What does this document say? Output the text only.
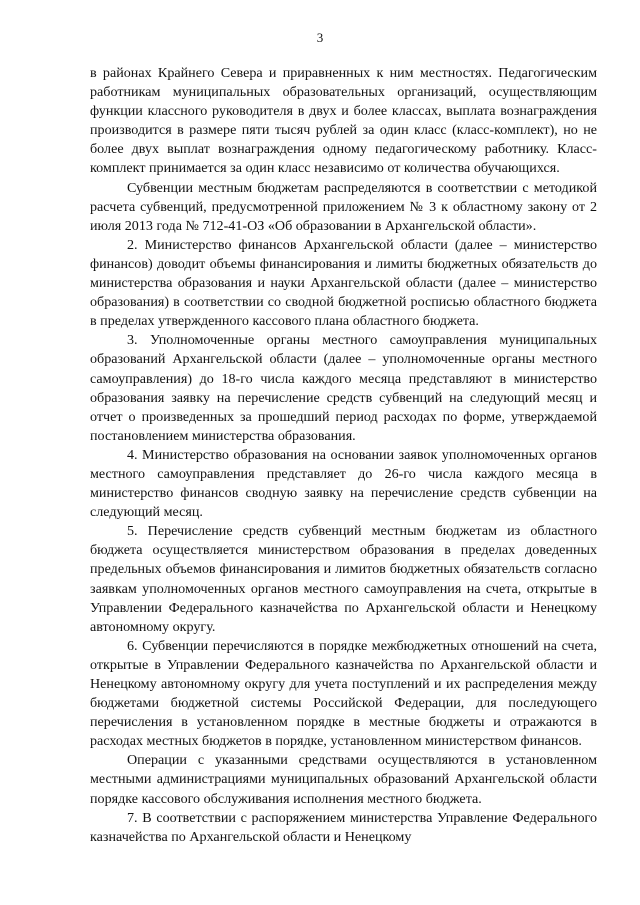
3

в районах Крайнего Севера и приравненных к ним местностях. Педагогическим работникам муниципальных образовательных организаций, осуществляющим функции классного руководителя в двух и более классах, выплата вознаграждения производится в размере пяти тысяч рублей за один класс (класс-комплект), но не более двух выплат вознаграждения одному педагогическому работнику. Класс-комплект принимается за один класс независимо от количества обучающихся.

Субвенции местным бюджетам распределяются в соответствии с методикой расчета субвенций, предусмотренной приложением № 3 к областному закону от 2 июля 2013 года № 712-41-ОЗ «Об образовании в Архангельской области».

2. Министерство финансов Архангельской области (далее – министерство финансов) доводит объемы финансирования и лимиты бюджетных обязательств до министерства образования и науки Архангельской области (далее – министерство образования) в соответствии со сводной бюджетной росписью областного бюджета в пределах утвержденного кассового плана областного бюджета.

3. Уполномоченные органы местного самоуправления муниципальных образований Архангельской области (далее – уполномоченные органы местного самоуправления) до 18-го числа каждого месяца представляют в министерство образования заявку на перечисление средств субвенций на следующий месяц и отчет о произведенных за прошедший период расходах по форме, утверждаемой постановлением министерства образования.

4. Министерство образования на основании заявок уполномоченных органов местного самоуправления представляет до 26-го числа каждого месяца в министерство финансов сводную заявку на перечисление средств субвенции на следующий месяц.

5. Перечисление средств субвенций местным бюджетам из областного бюджета осуществляется министерством образования в пределах доведенных предельных объемов финансирования и лимитов бюджетных обязательств согласно заявкам уполномоченных органов местного самоуправления на счета, открытые в Управлении Федерального казначейства по Архангельской области и Ненецкому автономному округу.

6. Субвенции перечисляются в порядке межбюджетных отношений на счета, открытые в Управлении Федерального казначейства по Архангельской области и Ненецкому автономному округу для учета поступлений и их распределения между бюджетами бюджетной системы Российской Федерации, для последующего перечисления в установленном порядке в местные бюджеты и отражаются в расходах местных бюджетов в порядке, установленном министерством финансов.

Операции с указанными средствами осуществляются в установленном местными администрациями муниципальных образований Архангельской области порядке кассового обслуживания исполнения местного бюджета.

7. В соответствии с распоряжением министерства Управление Федерального казначейства по Архангельской области и Ненецкому
